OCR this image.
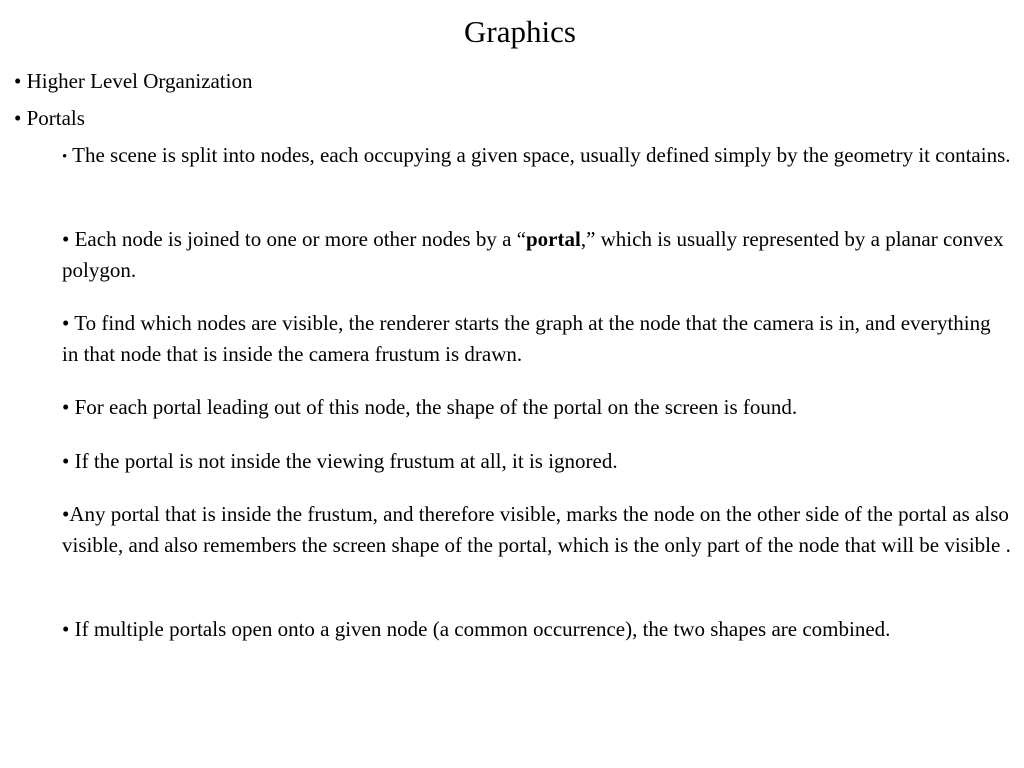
Graphics
• Higher Level Organization
• Portals
• The scene is split into nodes, each occupying a given space, usually defined simply by the geometry it contains.
• Each node is joined to one or more other nodes by a “portal,” which is usually represented by a planar convex polygon.
• To find which nodes are visible, the renderer starts the graph at the node that the camera is in, and everything in that node that is inside the camera frustum is drawn.
• For each portal leading out of this node, the shape of the portal on the screen is found.
• If the portal is not inside the viewing frustum at all, it is ignored.
•Any portal that is inside the frustum, and therefore visible, marks the node on the other side of the portal as also visible, and also remembers the screen shape of the portal, which is the only part of the node that will be visible .
• If multiple portals open onto a given node (a common occurrence), the two shapes are combined.
